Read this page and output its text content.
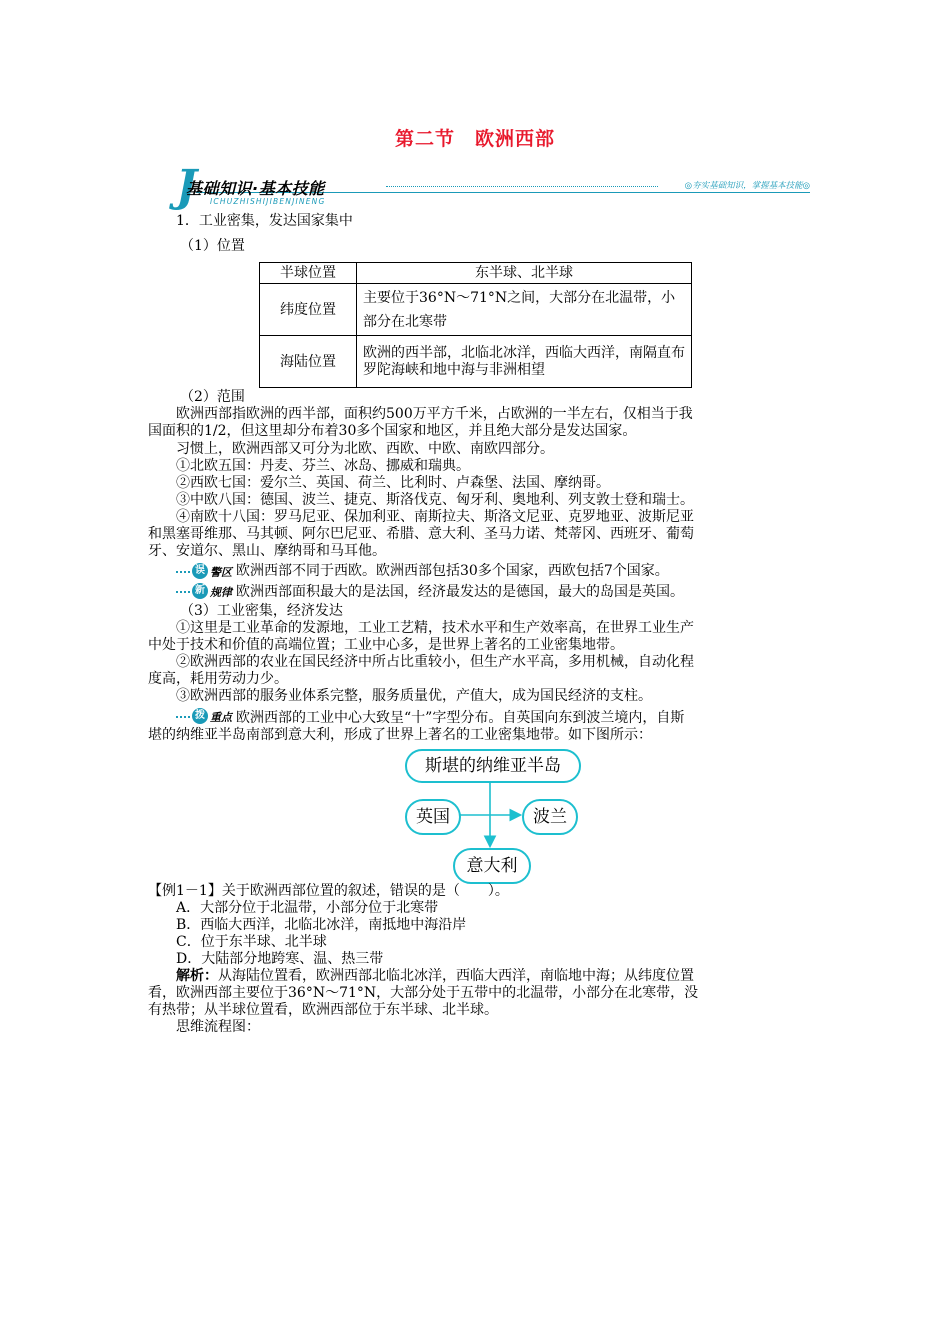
第二节　欧洲西部
J
基础知识·基本技能
ICHUZHISHIJIBENJINENG
◎夯实基础知识，掌握基本技能◎
1．工业密集，发达国家集中
（1）位置
半球位置	东半球、北半球
纬度位置	主要位于36°N～71°N之间，大部分在北温带，小部分在北寒带
海陆位置	欧洲的西半部，北临北冰洋，西临大西洋，南隔直布罗陀海峡和地中海与非洲相望
（2）范围
欧洲西部指欧洲的西半部，面积约500万平方千米，占欧洲的一半左右，仅相当于我
国面积的1/2，但这里却分布着30多个国家和地区，并且绝大部分是发达国家。
习惯上，欧洲西部又可分为北欧、西欧、中欧、南欧四部分。
①北欧五国：丹麦、芬兰、冰岛、挪威和瑞典。
②西欧七国：爱尔兰、英国、荷兰、比利时、卢森堡、法国、摩纳哥。
③中欧八国：德国、波兰、捷克、斯洛伐克、匈牙利、奥地利、列支敦士登和瑞士。
④南欧十八国：罗马尼亚、保加利亚、南斯拉夫、斯洛文尼亚、克罗地亚、波斯尼亚
和黑塞哥维那、马其顿、阿尔巴尼亚、希腊、意大利、圣马力诺、梵蒂冈、西班牙、葡萄
牙、安道尔、黑山、摩纳哥和马耳他。
误 警区 欧洲西部不同于西欧。欧洲西部包括30多个国家，西欧包括7个国家。
新 规律 欧洲西部面积最大的是法国，经济最发达的是德国，最大的岛国是英国。
（3）工业密集，经济发达
①这里是工业革命的发源地，工业工艺精，技术水平和生产效率高，在世界工业生产
中处于技术和价值的高端位置；工业中心多，是世界上著名的工业密集地带。
②欧洲西部的农业在国民经济中所占比重较小，但生产水平高，多用机械，自动化程
度高，耗用劳动力少。
③欧洲西部的服务业体系完整，服务质量优，产值大，成为国民经济的支柱。
拨 重点 欧洲西部的工业中心大致呈“十”字型分布。自英国向东到波兰境内，自斯
堪的纳维亚半岛南部到意大利，形成了世界上著名的工业密集地带。如下图所示：
斯堪的纳维亚半岛
英国	波兰
意大利
【例1－1】关于欧洲西部位置的叙述，错误的是（　　）。
A．大部分位于北温带，小部分位于北寒带
B．西临大西洋，北临北冰洋，南抵地中海沿岸
C．位于东半球、北半球
D．大陆部分地跨寒、温、热三带
解析：从海陆位置看，欧洲西部北临北冰洋，西临大西洋，南临地中海；从纬度位置
看，欧洲西部主要位于36°N～71°N，大部分处于五带中的北温带，小部分在北寒带，没
有热带；从半球位置看，欧洲西部位于东半球、北半球。
思维流程图：
